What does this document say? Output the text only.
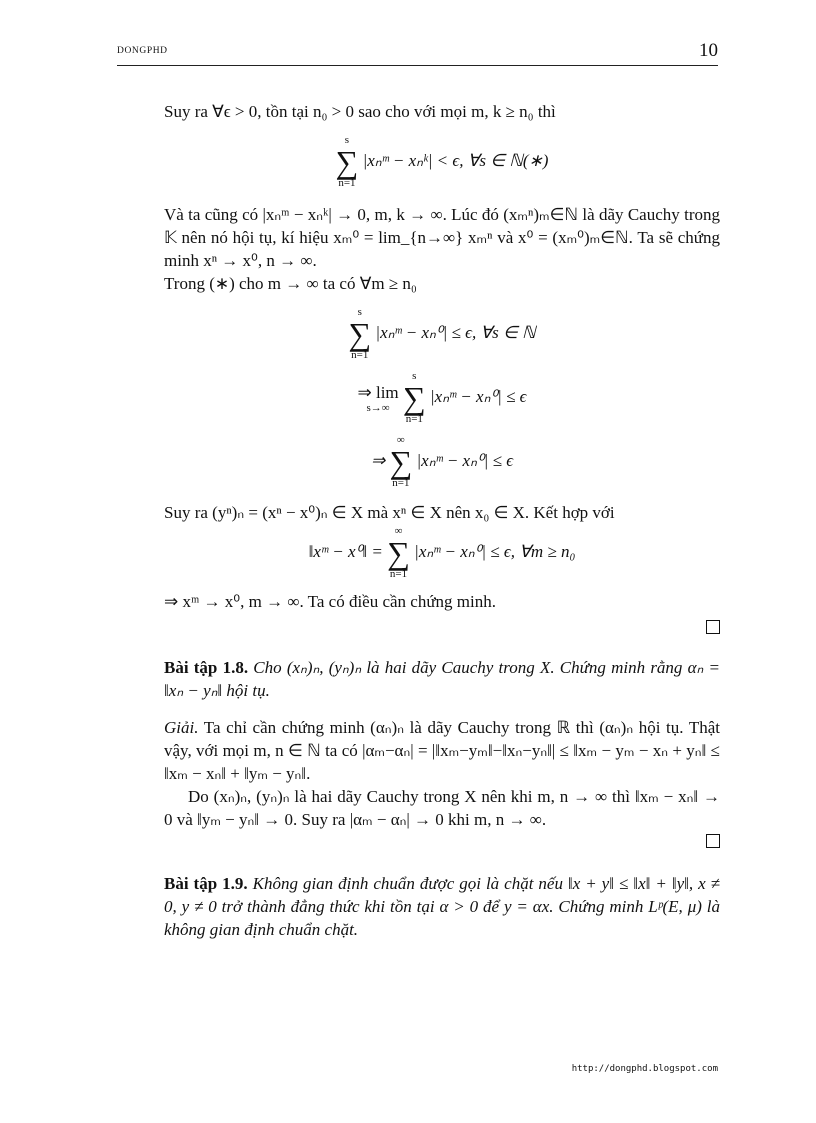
DONGPHD	10

Suy ra ∀ϵ > 0, tồn tại n₀ > 0 sao cho với mọi m, k ≥ n₀ thì

s
∑
n=1
|xₙᵐ − xₙᵏ| < ϵ, ∀s ∈ ℕ(∗)

Và ta cũng có |xₙᵐ − xₙᵏ| → 0, m, k → ∞. Lúc đó (xₘⁿ)ₘ∈ℕ là dãy Cauchy trong 𝕂 nên nó hội tụ, kí hiệu xₘ⁰ = lim_{n→∞} xₘⁿ và x⁰ = (xₘ⁰)ₘ∈ℕ. Ta sẽ chứng minh xⁿ → x⁰, n → ∞.

Trong (∗) cho m → ∞ ta có ∀m ≥ n₀

s
∑
n=1
|xₙᵐ − xₙ⁰| ≤ ϵ, ∀s ∈ ℕ
⇒ lim
s→∞

s
∑
n=1
|xₙᵐ − xₙ⁰| ≤ ϵ
⇒
∞
∑
n=1
|xₙᵐ − xₙ⁰| ≤ ϵ

Suy ra (yⁿ)ₙ = (xⁿ − x⁰)ₙ ∈ X mà xⁿ ∈ X nên x₀ ∈ X. Kết hợp với

‖xᵐ − x⁰‖ =
∞
∑
n=1
|xₙᵐ − xₙ⁰| ≤ ϵ, ∀m ≥ n₀

⇒ xᵐ → x⁰, m → ∞. Ta có điều cần chứng minh.

Bài tập 1.8. Cho (xₙ)ₙ, (yₙ)ₙ là hai dãy Cauchy trong X. Chứng minh rằng αₙ = ‖xₙ − yₙ‖ hội tụ.

Giải. Ta chỉ cần chứng minh (αₙ)ₙ là dãy Cauchy trong ℝ thì (αₙ)ₙ hội tụ. Thật vậy, với mọi m, n ∈ ℕ ta có |αₘ−αₙ| = |‖xₘ−yₘ‖−‖xₙ−yₙ‖| ≤ ‖xₘ − yₘ − xₙ + yₙ‖ ≤ ‖xₘ − xₙ‖ + ‖yₘ − yₙ‖.

Do (xₙ)ₙ, (yₙ)ₙ là hai dãy Cauchy trong X nên khi m, n → ∞ thì ‖xₘ − xₙ‖ → 0 và ‖yₘ − yₙ‖ → 0. Suy ra |αₘ − αₙ| → 0 khi m, n → ∞.

Bài tập 1.9. Không gian định chuẩn được gọi là chặt nếu ‖x + y‖ ≤ ‖x‖ + ‖y‖, x ≠ 0, y ≠ 0 trở thành đẳng thức khi tồn tại α > 0 để y = αx. Chứng minh Lᵖ(E, μ) là không gian định chuẩn chặt.

http://dongphd.blogspot.com
